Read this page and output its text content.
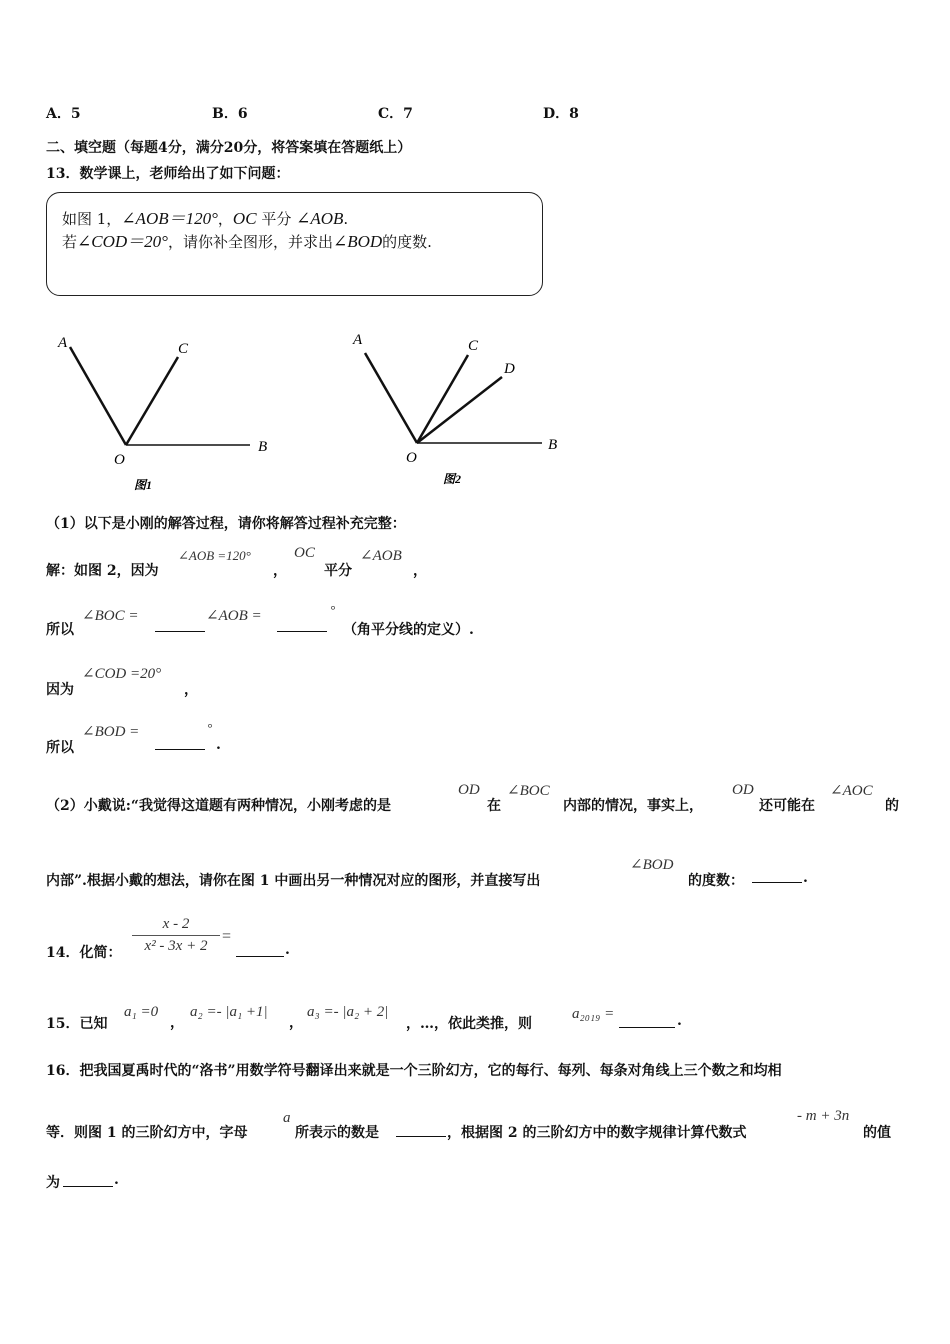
A．5	B．6	C．7	D．8
二、填空题（每题4分，满分20分，将答案填在答题纸上）
13．数学课上，老师给出了如下问题：
如图 1，∠AOB＝120°，OC 平分 ∠AOB.
若∠COD＝20°，请你补全图形，并求出∠BOD的度数.
A	C
O
B
图1
A	C
D
O
B
图2
（1）以下是小刚的解答过程，请你将解答过程补充完整：
解：如图 2，因为
∠AOB =120°
，
OC
平分
∠AOB
，
所以
∠BOC =	∠AOB =	°
（角平分线的定义）.
因为
∠COD =20°
，
所以
∠BOD =	°
.
（2）小戴说:“我觉得这道题有两种情况，小刚考虑的是
OD
在
∠BOC
内部的情况，事实上，
OD
还可能在
∠AOC
的
内部”.根据小戴的想法，请你在图 1 中画出另一种情况对应的图形，并直接写出
∠BOD
的度数：	.
14．化简： $\frac{x - 2}{\text{x² - 3x + 2}}$ =
.
15．已知
a₁ =0
，
a₂ =- |a₁ +1|
，
a₃ =- |a₂ + 2|
，…，依此类推，则
a₂₀₁₉ =	.
16．把我国夏禹时代的“洛书”用数学符号翻译出来就是一个三阶幻方，它的每行、每列、每条对角线上三个数之和均相
等．则图 1 的三阶幻方中，字母
a
所表示的数是	，根据图 2 的三阶幻方中的数字规律计算代数式
- m + 3n
的值
为	.
